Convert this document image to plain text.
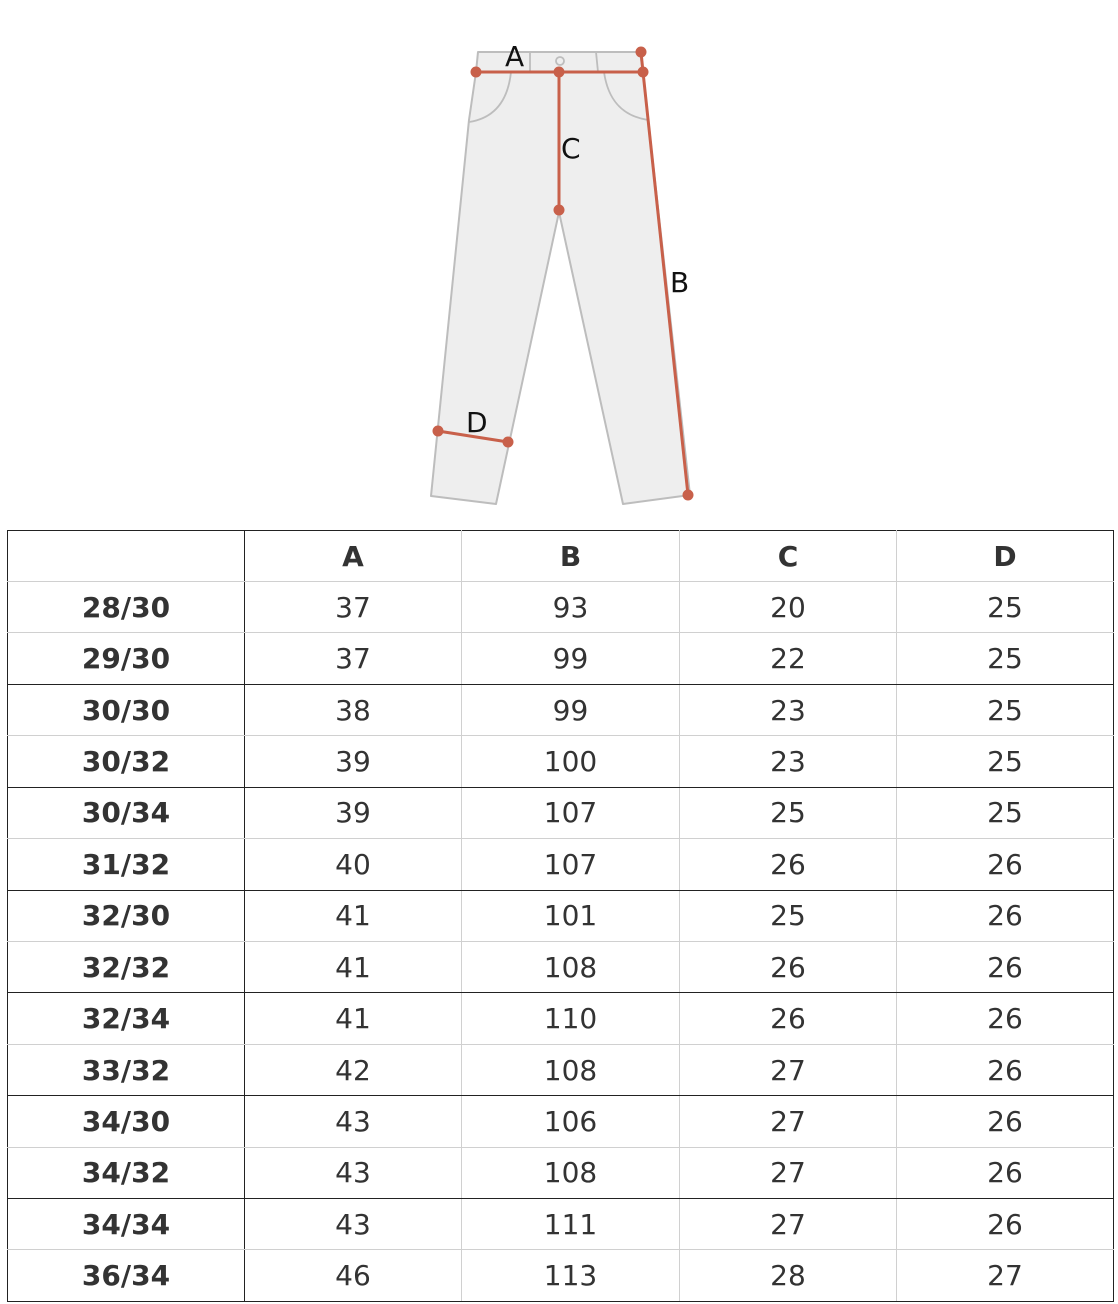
A
C
B
D
	A	B	C	D
28/30	37	93	20	25
29/30	37	99	22	25
30/30	38	99	23	25
30/32	39	100	23	25
30/34	39	107	25	25
31/32	40	107	26	26
32/30	41	101	25	26
32/32	41	108	26	26
32/34	41	110	26	26
33/32	42	108	27	26
34/30	43	106	27	26
34/32	43	108	27	26
34/34	43	111	27	26
36/34	46	113	28	27
